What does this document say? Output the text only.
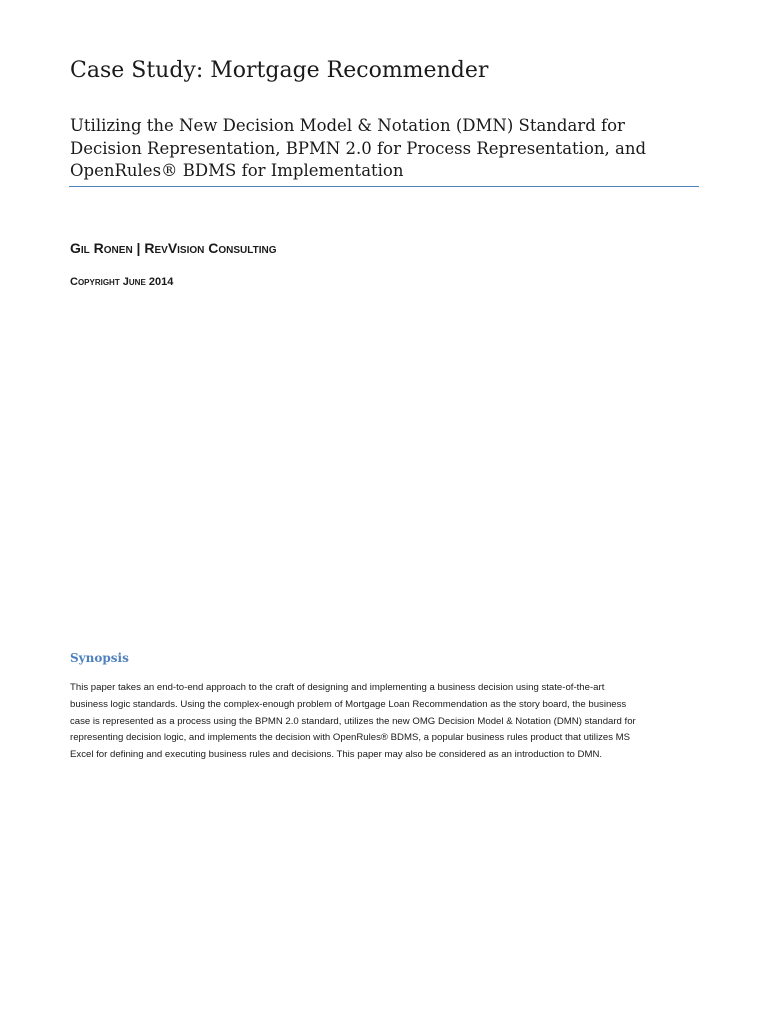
Case Study: Mortgage Recommender
Utilizing the New Decision Model & Notation (DMN) Standard for
Decision Representation, BPMN 2.0 for Process Representation, and
OpenRules® BDMS for Implementation

Gil Ronen | RevVision Consulting

Copyright June 2014

Synopsis

This paper takes an end-to-end approach to the craft of designing and implementing a business decision using state-of-the-art
business logic standards. Using the complex-enough problem of Mortgage Loan Recommendation as the story board, the business
case is represented as a process using the BPMN 2.0 standard, utilizes the new OMG Decision Model & Notation (DMN) standard for
representing decision logic, and implements the decision with OpenRules® BDMS, a popular business rules product that utilizes MS
Excel for defining and executing business rules and decisions. This paper may also be considered as an introduction to DMN.
